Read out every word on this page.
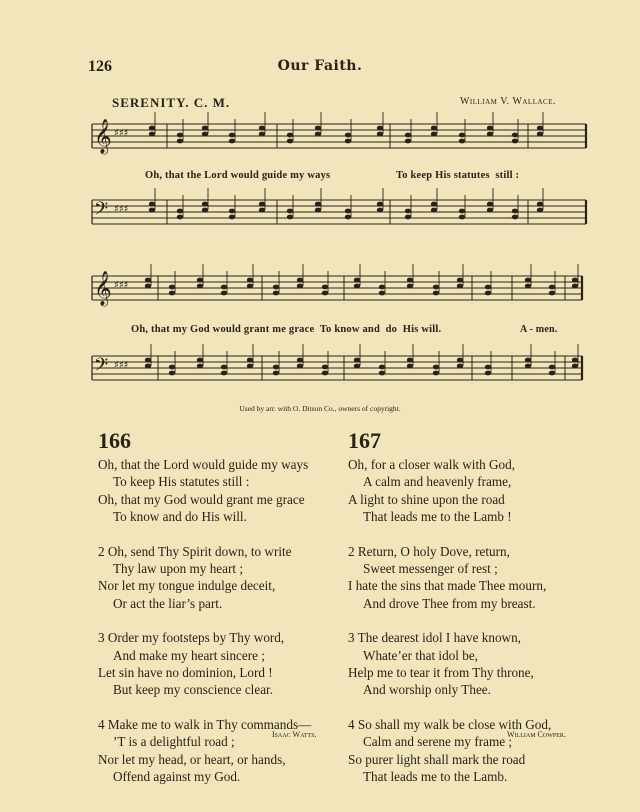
126	Our Faith.
SERENITY. C. M.	William V. Wallace.
𝄞 ♯♯♯
𝄢 ♯♯♯
𝄞 ♯♯♯
𝄢 ♯♯♯
Oh, that the Lord would guide my ways	To keep His statutes  still :
Oh, that my God would grant me grace  To know and  do  His will.	A - men.
Used by arr. with O. Ditson Co., owners of copyright.
166	167
Oh, that the Lord would guide my ways
To keep His statutes still :
Oh, that my God would grant me grace
To know and do His will.
2 Oh, send Thy Spirit down, to write
Thy law upon my heart ;
Nor let my tongue indulge deceit,
Or act the liar’s part.
3 Order my footsteps by Thy word,
And make my heart sincere ;
Let sin have no dominion, Lord !
But keep my conscience clear.
4 Make me to walk in Thy commands—
’T is a delightful road ;
Nor let my head, or heart, or hands,
Offend against my God.
Oh, for a closer walk with God,
A calm and heavenly frame,
A light to shine upon the road
That leads me to the Lamb !
2 Return, O holy Dove, return,
Sweet messenger of rest ;
I hate the sins that made Thee mourn,
And drove Thee from my breast.
3 The dearest idol I have known,
Whate’er that idol be,
Help me to tear it from Thy throne,
And worship only Thee.
4 So shall my walk be close with God,
Calm and serene my frame ;
So purer light shall mark the road
That leads me to the Lamb.
Isaac Watts.	William Cowper.
